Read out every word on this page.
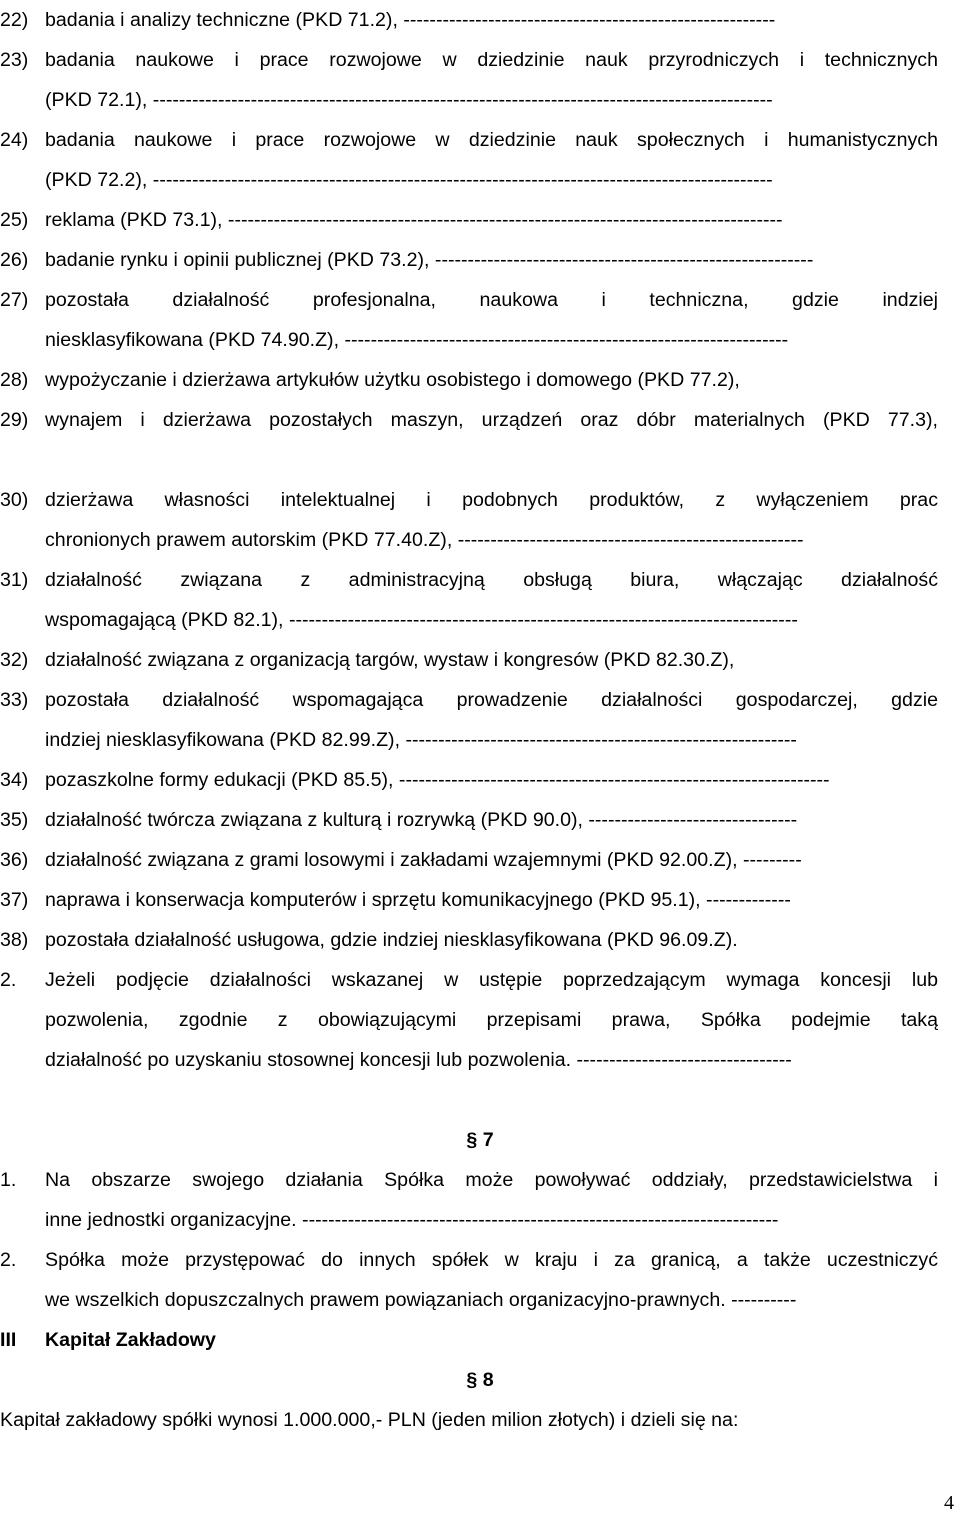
22) badania i analizy techniczne (PKD 71.2), ---------------------------------------------------------
23) badania naukowe i prace rozwojowe w dziedzinie nauk przyrodniczych i technicznych
(PKD 72.1), -----------------------------------------------------------------------------------------------
24) badania naukowe i prace rozwojowe w dziedzinie nauk społecznych i humanistycznych
(PKD 72.2), -----------------------------------------------------------------------------------------------
25) reklama (PKD 73.1), -------------------------------------------------------------------------------------
26) badanie rynku i opinii publicznej (PKD 73.2), ----------------------------------------------------------
27) pozostała działalność profesjonalna, naukowa i techniczna, gdzie indziej
niesklasyfikowana (PKD 74.90.Z), --------------------------------------------------------------------
28) wypożyczanie i dzierżawa artykułów użytku osobistego i domowego (PKD 77.2),
29) wynajem i dzierżawa pozostałych maszyn, urządzeń oraz dóbr materialnych (PKD 77.3),
30) dzierżawa własności intelektualnej i podobnych produktów, z wyłączeniem prac
chronionych prawem autorskim (PKD 77.40.Z), -----------------------------------------------------
31) działalność związana z administracyjną obsługą biura, włączając działalność
wspomagającą (PKD 82.1), ------------------------------------------------------------------------------
32) działalność związana z organizacją targów, wystaw i kongresów (PKD 82.30.Z),
33) pozostała działalność wspomagająca prowadzenie działalności gospodarczej, gdzie
indziej niesklasyfikowana (PKD 82.99.Z), ------------------------------------------------------------
34) pozaszkolne formy edukacji (PKD 85.5), ------------------------------------------------------------------
35) działalność twórcza związana z kulturą i rozrywką (PKD 90.0), --------------------------------
36) działalność związana z grami losowymi i zakładami wzajemnymi (PKD 92.00.Z), ---------
37) naprawa i konserwacja komputerów i sprzętu komunikacyjnego (PKD 95.1), -------------
38) pozostała działalność usługowa, gdzie indziej niesklasyfikowana (PKD 96.09.Z).
2.	Jeżeli podjęcie działalności wskazanej w ustępie poprzedzającym wymaga koncesji lub
pozwolenia, zgodnie z obowiązującymi przepisami prawa, Spółka podejmie taką
działalność po uzyskaniu stosownej koncesji lub pozwolenia. ---------------------------------
§ 7
1.	Na obszarze swojego działania Spółka może powoływać oddziały, przedstawicielstwa i
inne jednostki organizacyjne. -------------------------------------------------------------------------
2.	Spółka może przystępować do innych spółek w kraju i za granicą, a także uczestniczyć
we wszelkich dopuszczalnych prawem powiązaniach organizacyjno-prawnych. ----------
III	Kapitał Zakładowy
§ 8
Kapitał zakładowy spółki wynosi 1.000.000,- PLN (jeden milion złotych) i dzieli się na:
4
